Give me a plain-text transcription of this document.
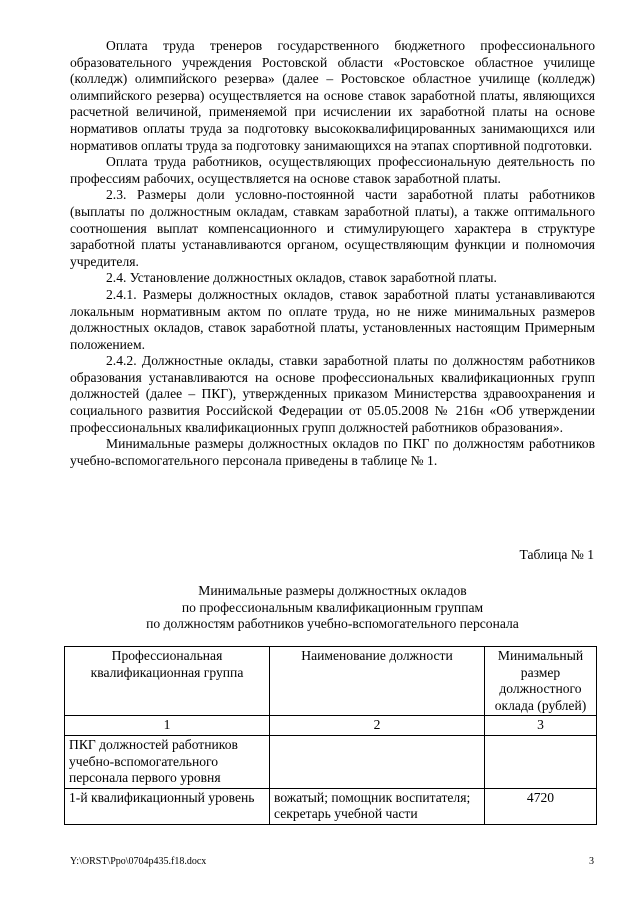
Оплата труда тренеров государственного бюджетного профессионального образовательного учреждения Ростовской области «Ростовское областное училище (колледж) олимпийского резерва» (далее – Ростовское областное училище (колледж) олимпийского резерва) осуществляется на основе ставок заработной платы, являющихся расчетной величиной, применяемой при исчислении их заработной платы на основе нормативов оплаты труда за подготовку высококвалифицированных занимающихся или нормативов оплаты труда за подготовку занимающихся на этапах спортивной подготовки.

Оплата труда работников, осуществляющих профессиональную деятельность по профессиям рабочих, осуществляется на основе ставок заработной платы.

2.3. Размеры доли условно-постоянной части заработной платы работников (выплаты по должностным окладам, ставкам заработной платы), а также оптимального соотношения выплат компенсационного и стимулирующего характера в структуре заработной платы устанавливаются органом, осуществляющим функции и полномочия учредителя.

2.4. Установление должностных окладов, ставок заработной платы.

2.4.1. Размеры должностных окладов, ставок заработной платы устанавливаются локальным нормативным актом по оплате труда, но не ниже минимальных размеров должностных окладов, ставок заработной платы, установленных настоящим Примерным положением.

2.4.2. Должностные оклады, ставки заработной платы по должностям работников образования устанавливаются на основе профессиональных квалификационных групп должностей (далее – ПКГ), утвержденных приказом Министерства здравоохранения и социального развития Российской Федерации от 05.05.2008 № 216н «Об утверждении профессиональных квалификационных групп должностей работников образования».

Минимальные размеры должностных окладов по ПКГ по должностям работников учебно-вспомогательного персонала приведены в таблице № 1.

Таблица № 1
Минимальные размеры должностных окладов
по профессиональным квалификационным группам
по должностям работников учебно-вспомогательного персонала
Профессиональная квалификационная группа	Наименование должности	Минимальный размер должностного оклада (рублей)
1	2	3
ПКГ должностей работников учебно-вспомогательного персонала первого уровня		
1-й квалификационный уровень	вожатый; помощник воспитателя; секретарь учебной части	4720
Y:\ORST\Ppo\0704p435.f18.docx	3
